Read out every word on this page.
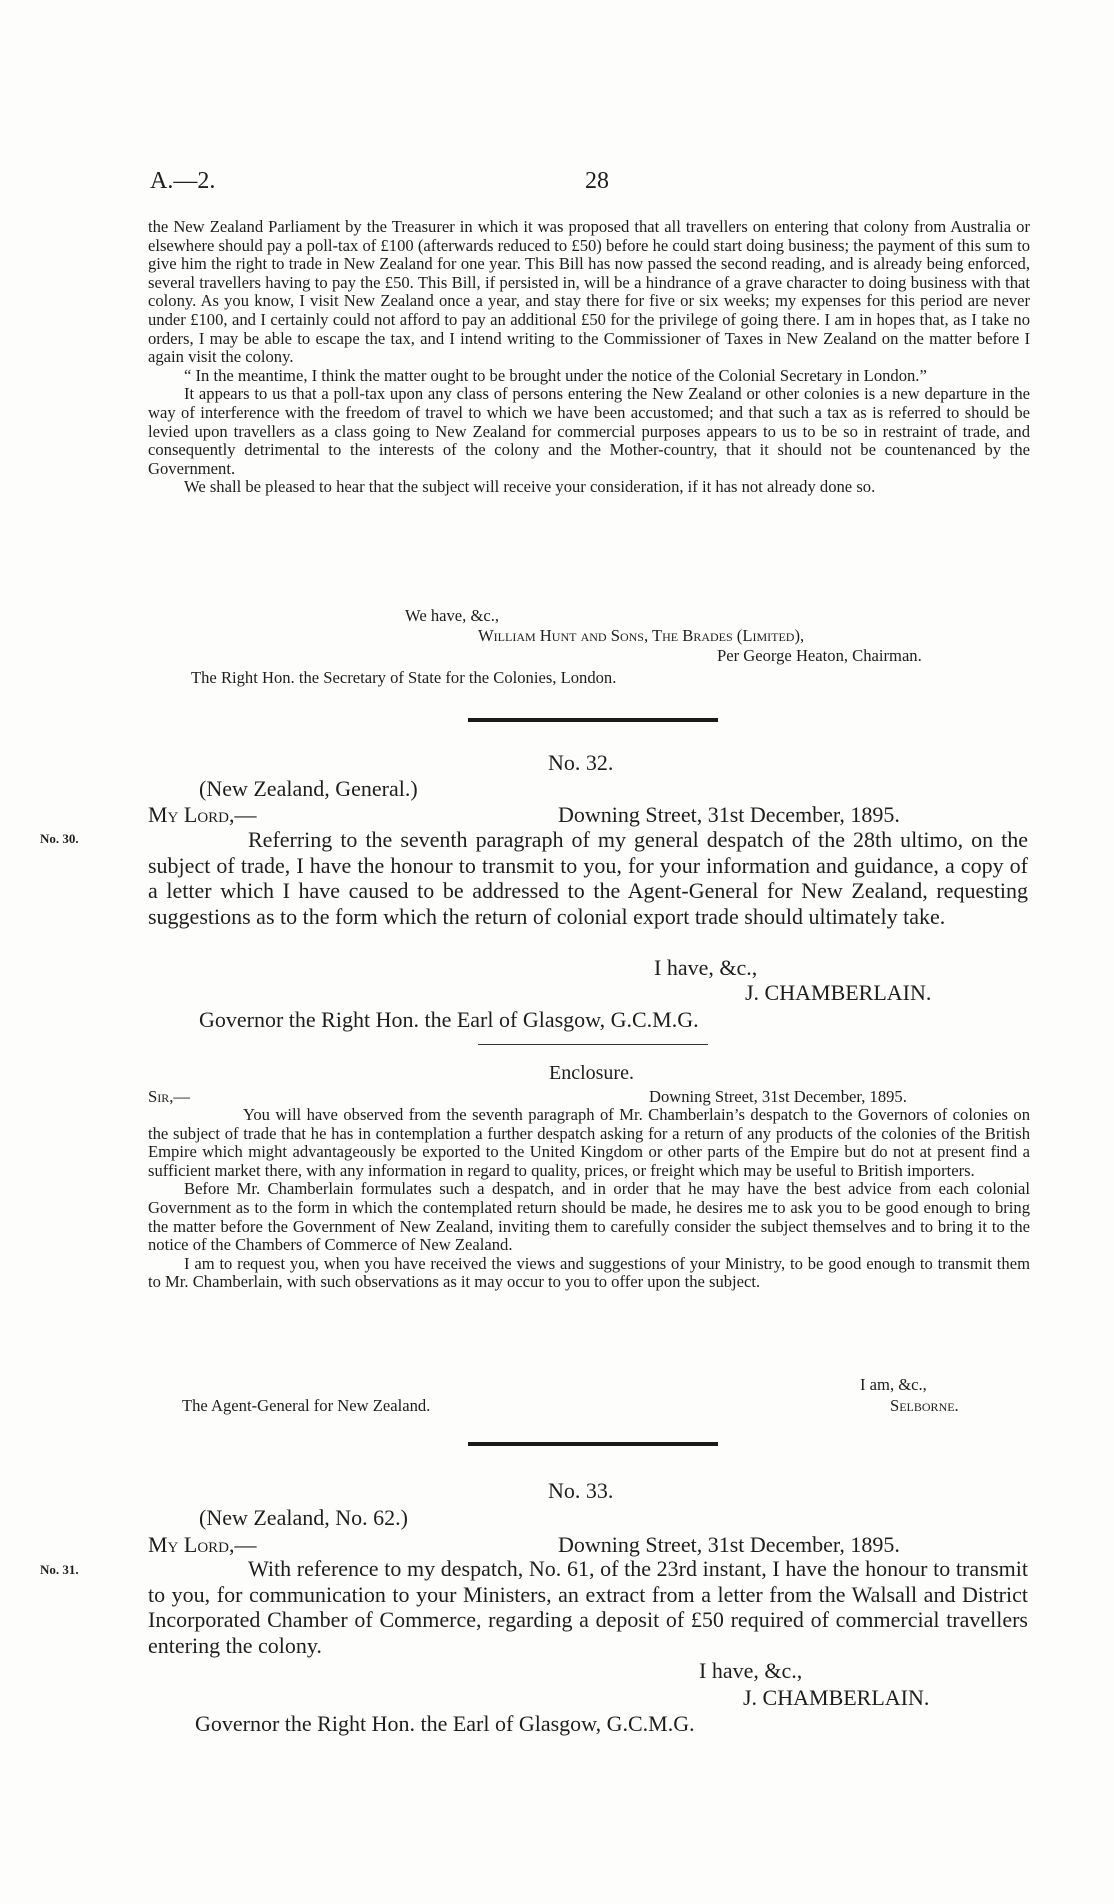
A.—2.	28

the New Zealand Parliament by the Treasurer in which it was proposed that all travellers on entering that colony from Australia or elsewhere should pay a poll-tax of £100 (afterwards reduced to £50) before he could start doing business; the payment of this sum to give him the right to trade in New Zealand for one year. This Bill has now passed the second reading, and is already being enforced, several travellers having to pay the £50. This Bill, if persisted in, will be a hindrance of a grave character to doing business with that colony. As you know, I visit New Zealand once a year, and stay there for five or six weeks; my expenses for this period are never under £100, and I certainly could not afford to pay an additional £50 for the privilege of going there. I am in hopes that, as I take no orders, I may be able to escape the tax, and I intend writing to the Commissioner of Taxes in New Zealand on the matter before I again visit the colony.

“ In the meantime, I think the matter ought to be brought under the notice of the Colonial Secretary in London.”

It appears to us that a poll-tax upon any class of persons entering the New Zealand or other colonies is a new departure in the way of interference with the freedom of travel to which we have been accustomed; and that such a tax as is referred to should be levied upon travellers as a class going to New Zealand for commercial purposes appears to us to be so in restraint of trade, and consequently detrimental to the interests of the colony and the Mother-country, that it should not be countenanced by the Government.

We shall be pleased to hear that the subject will receive your consideration, if it has not already done so.

We have, &c.,
William Hunt and Sons, The Brades (Limited),
Per George Heaton, Chairman.
The Right Hon. the Secretary of State for the Colonies, London.
No. 32.
(New Zealand, General.)
My Lord,—	Downing Street, 31st December, 1895.
No. 30.	Referring to the seventh paragraph of my general despatch of the 28th ultimo, on the subject of trade, I have the honour to transmit to you, for your information and guidance, a copy of a letter which I have caused to be addressed to the Agent-General for New Zealand, requesting suggestions as to the form which the return of colonial export trade should ultimately take.

I have, &c.,
J. CHAMBERLAIN.
Governor the Right Hon. the Earl of Glasgow, G.C.M.G.
Enclosure.
Sir,—	Downing Street, 31st December, 1895.

You will have observed from the seventh paragraph of Mr. Chamberlain’s despatch to the Governors of colonies on the subject of trade that he has in contemplation a further despatch asking for a return of any products of the colonies of the British Empire which might advantageously be exported to the United Kingdom or other parts of the Empire but do not at present find a sufficient market there, with any information in regard to quality, prices, or freight which may be useful to British importers.

Before Mr. Chamberlain formulates such a despatch, and in order that he may have the best advice from each colonial Government as to the form in which the contemplated return should be made, he desires me to ask you to be good enough to bring the matter before the Government of New Zealand, inviting them to carefully consider the subject themselves and to bring it to the notice of the Chambers of Commerce of New Zealand.

I am to request you, when you have received the views and suggestions of your Ministry, to be good enough to transmit them to Mr. Chamberlain, with such observations as it may occur to you to offer upon the subject.

I am, &c.,
The Agent-General for New Zealand.	Selborne.
No. 33.
(New Zealand, No. 62.)
My Lord,—	Downing Street, 31st December, 1895.
No. 31.	With reference to my despatch, No. 61, of the 23rd instant, I have the honour to transmit to you, for communication to your Ministers, an extract from a letter from the Walsall and District Incorporated Chamber of Commerce, regarding a deposit of £50 required of commercial travellers entering the colony.

I have, &c.,
J. CHAMBERLAIN.
Governor the Right Hon. the Earl of Glasgow, G.C.M.G.
